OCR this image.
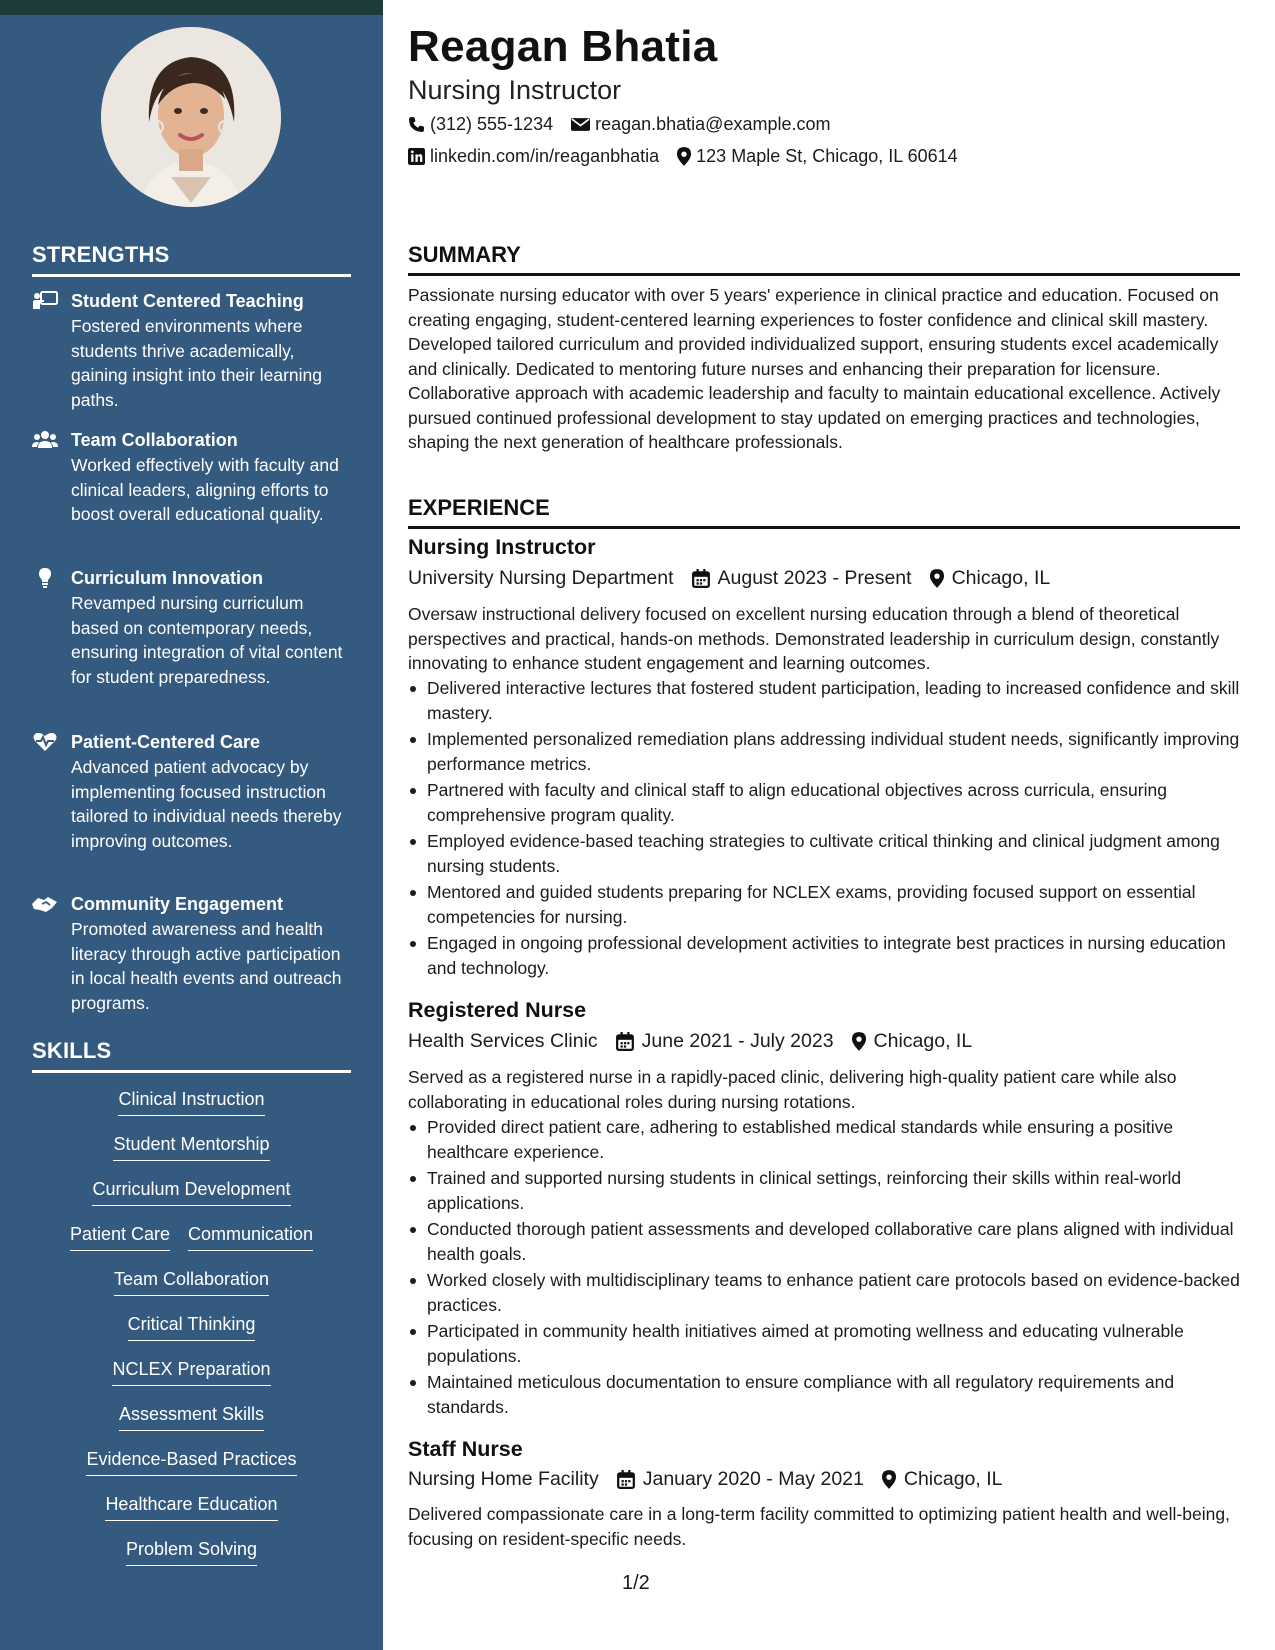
STRENGTHS
Student Centered Teaching
Fostered environments where students thrive academically, gaining insight into their learning paths.
Team Collaboration
Worked effectively with faculty and clinical leaders, aligning efforts to boost overall educational quality.
Curriculum Innovation
Revamped nursing curriculum based on contemporary needs, ensuring integration of vital content for student preparedness.
Patient-Centered Care
Advanced patient advocacy by implementing focused instruction tailored to individual needs thereby improving outcomes.
Community Engagement
Promoted awareness and health literacy through active participation in local health events and outreach programs.
SKILLS
Clinical Instruction
Student Mentorship
Curriculum Development
Patient Care Communication
Team Collaboration
Critical Thinking
NCLEX Preparation
Assessment Skills
Evidence-Based Practices
Healthcare Education
Problem Solving
Reagan Bhatia
Nursing Instructor
(312) 555-1234 reagan.bhatia@example.com
linkedin.com/in/reaganbhatia 123 Maple St, Chicago, IL 60614
SUMMARY
Passionate nursing educator with over 5 years' experience in clinical practice and education. Focused on creating engaging, student-centered learning experiences to foster confidence and clinical skill mastery. Developed tailored curriculum and provided individualized support, ensuring students excel academically and clinically. Dedicated to mentoring future nurses and enhancing their preparation for licensure. Collaborative approach with academic leadership and faculty to maintain educational excellence. Actively pursued continued professional development to stay updated on emerging practices and technologies, shaping the next generation of healthcare professionals.
EXPERIENCE
Nursing Instructor
University Nursing Department August 2023 - Present Chicago, IL
Oversaw instructional delivery focused on excellent nursing education through a blend of theoretical perspectives and practical, hands-on methods. Demonstrated leadership in curriculum design, constantly innovating to enhance student engagement and learning outcomes.
Delivered interactive lectures that fostered student participation, leading to increased confidence and skill mastery.
Implemented personalized remediation plans addressing individual student needs, significantly improving performance metrics.
Partnered with faculty and clinical staff to align educational objectives across curricula, ensuring comprehensive program quality.
Employed evidence-based teaching strategies to cultivate critical thinking and clinical judgment among nursing students.
Mentored and guided students preparing for NCLEX exams, providing focused support on essential competencies for nursing.
Engaged in ongoing professional development activities to integrate best practices in nursing education and technology.
Registered Nurse
Health Services Clinic June 2021 - July 2023 Chicago, IL
Served as a registered nurse in a rapidly-paced clinic, delivering high-quality patient care while also collaborating in educational roles during nursing rotations.
Provided direct patient care, adhering to established medical standards while ensuring a positive healthcare experience.
Trained and supported nursing students in clinical settings, reinforcing their skills within real-world applications.
Conducted thorough patient assessments and developed collaborative care plans aligned with individual health goals.
Worked closely with multidisciplinary teams to enhance patient care protocols based on evidence-backed practices.
Participated in community health initiatives aimed at promoting wellness and educating vulnerable populations.
Maintained meticulous documentation to ensure compliance with all regulatory requirements and standards.
Staff Nurse
Nursing Home Facility January 2020 - May 2021 Chicago, IL
Delivered compassionate care in a long-term facility committed to optimizing patient health and well-being, focusing on resident-specific needs.
1/2
